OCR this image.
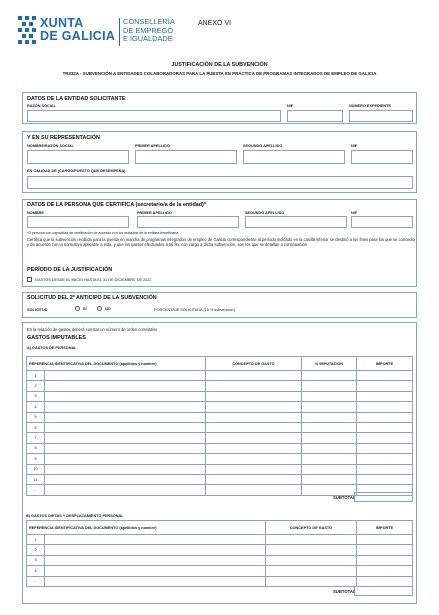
XUNTA
DE GALICIA
CONSELLERÍA
DE EMPREGO
E IGUALDADE
ANEXO VI
JUSTIFICACIÓN DE LA SUBVENCIÓN
TR332A - SUBVENCIÓN A ENTIDADES COLABORADORAS PARA LA PUESTA EN PRÁCTICA DE PROGRAMAS INTEGRADOS DE EMPLEO DE GALICIA
DATOS DE LA ENTIDAD SOLICITANTE
RAZÓN SOCIAL	NIF	NÚMERO EXPEDIENTE
Y EN SU REPRESENTACIÓN
NOMBRE/RAZÓN SOCIAL	PRIMER APELLIDO	SEGUNDO APELLIDO	NIF
EN CALIDAD DE (CARGO/PUESTO QUE DESEMPEÑA)
DATOS DE LA PERSONA QUE CERTIFICA (secretario/a de la entidad)*
NOMBRE	PRIMER APELLIDO	SEGUNDO APELLIDO	NIF
*O persona con capacidad de certificación de acuerdo con los estatutos de la entidad beneficiaria
Certifica que la subvención recibida para la puesta en marcha de programas integrados de empleo de Galicia correspondiente al período indicado en la casilla inferior se destinó a los fines para los que se concedió y de acuerdo con la normativa aplicable a esta, y que los gastos efectuados a tal fin, con cargo a dicha subvención, son los que se detallan a continuación.
PERÍODO DE LA JUSTIFICACIÓN
GASTOS DESDE EL INICIO HASTA EL 31 DE DICIEMBRE DE 2022
SOLICITUD DEL 2º ANTICIPO DE LA SUBVENCIÓN
SOLICITUD	SÍ	NO	PORCENTAJE SOLICITADA (15 % subvención)
En la relación de gastos deberá constar un número de orden correlativo
GASTOS IMPUTABLES
A) GASTOS DE PERSONAL
REFERENCIA IDENTIFICATIVA DEL DOCUMENTO (apellidos y nombre)		CONCEPTO DE GASTO	% IMPUTACIÓN	IMPORTE
1				
2				
3				
4				
5				
6				
7				
8				
9				
10				
11				
...				
SUBTOTAL
B) GASTOS DIETAS Y DESPLAZAMIENTO PERSONAL
REFERENCIA IDENTIFICATIVA DEL DOCUMENTO (apellidos y nombre)		CONCEPTO DE GASTO	IMPORTE
1			
2			
3			
4			
...			
SUBTOTAL
